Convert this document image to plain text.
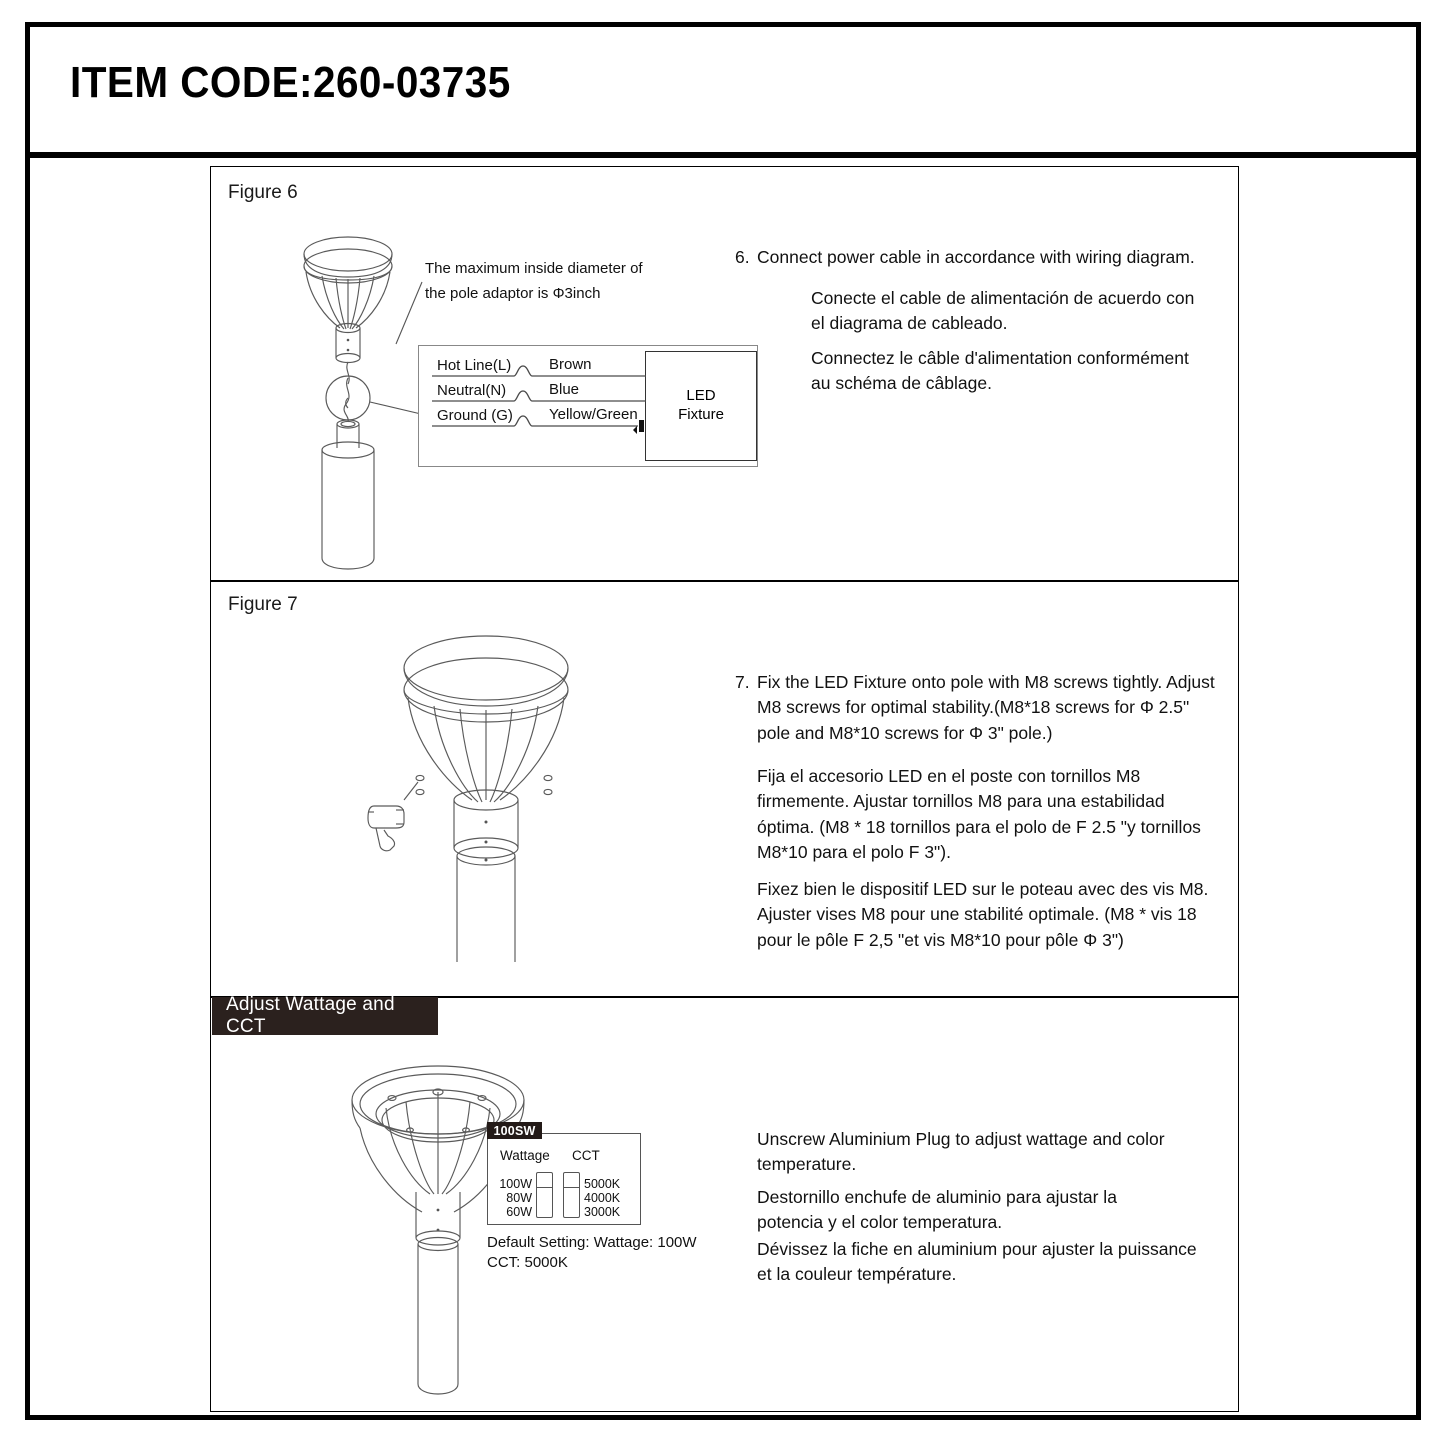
ITEM CODE:260-03735
Figure 6
The maximum inside diameter of
the pole adaptor is Φ3inch
LED
Fixture
Hot Line(L)	Brown
Neutral(N)	Blue
Ground (G) Yellow/Green
6. Connect power cable in accordance with wiring diagram.
Conecte el cable de alimentación de acuerdo con el diagrama de cableado.
Connectez le câble d'alimentation conformément au schéma de câblage.
Figure 7
7. Fix the LED Fixture onto pole with M8 screws tightly. Adjust M8 screws for optimal stability.(M8*18 screws for Φ 2.5" pole and M8*10 screws for Φ 3" pole.)
Fija el accesorio LED en el poste con tornillos M8 firmemente. Ajustar tornillos M8 para una estabilidad óptima. (M8 * 18 tornillos para el polo de F 2.5 "y tornillos M8*10 para el polo F 3").
Fixez bien le dispositif LED sur le poteau avec des vis M8. Ajuster vises M8 pour une stabilité optimale. (M8 * vis 18 pour le pôle F 2,5 "et vis M8*10 pour pôle Φ 3")
Adjust Wattage and CCT
100SW
Wattage CCT
100W
80W
60W
5000K
4000K
3000K
Default Setting: Wattage: 100W
CCT: 5000K
Unscrew Aluminium Plug to adjust wattage and color temperature.
Destornillo enchufe de aluminio para ajustar la potencia y el color temperatura.
Dévissez la fiche en aluminium pour ajuster la puissance et la couleur température.
